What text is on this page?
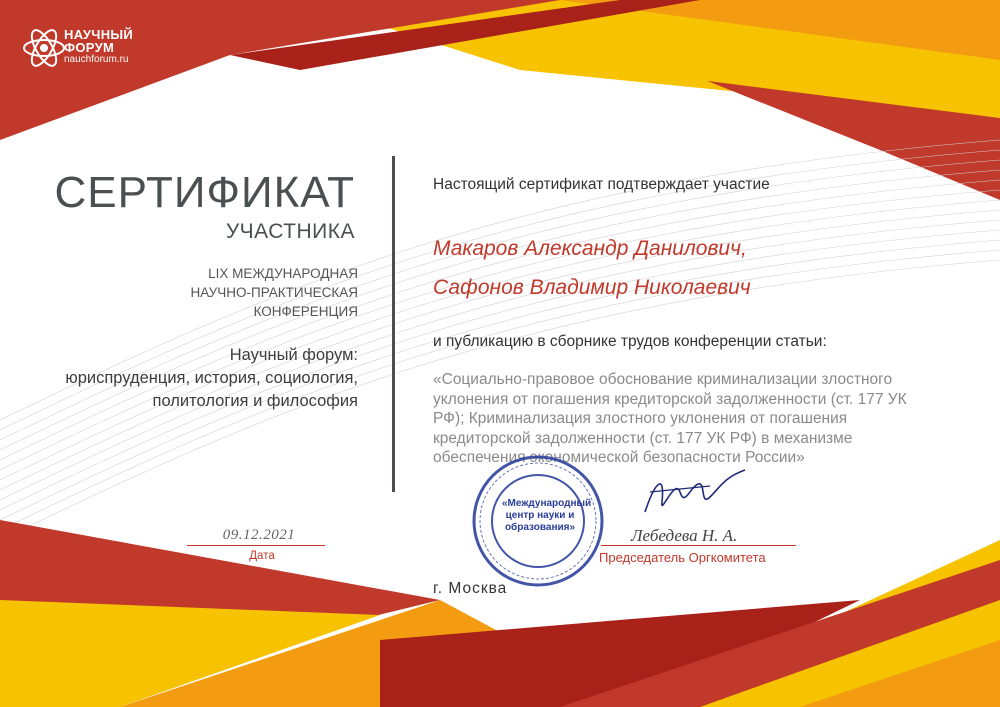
НАУЧНЫЙ
ФОРУМ
nauchforum.ru
СЕРТИФИКАТ
УЧАСТНИКА
LIX МЕЖДУНАРОДНАЯ
НАУЧНО-ПРАКТИЧЕСКАЯ
КОНФЕРЕНЦИЯ
Научный форум:
юриспруденция, история, социология,
политология и философия
Настоящий сертификат подтверждает участие
Макаров Александр Данилович,
Сафонов Владимир Николаевич
и публикацию в сборнике трудов конференции статьи:
«Социально-правовое обоснование криминализации злостного уклонения от погашения кредиторской задолженности (ст. 177 УК РФ); Криминализация злостного уклонения от погашения кредиторской задолженности (ст. 177 УК РФ) в механизме обеспечения экономической безопасности России»
09.12.2021
Дата
«Международный
центр науки и
образования»	Лебедева Н. А.
Председатель Оргкомитета
г. Москва
